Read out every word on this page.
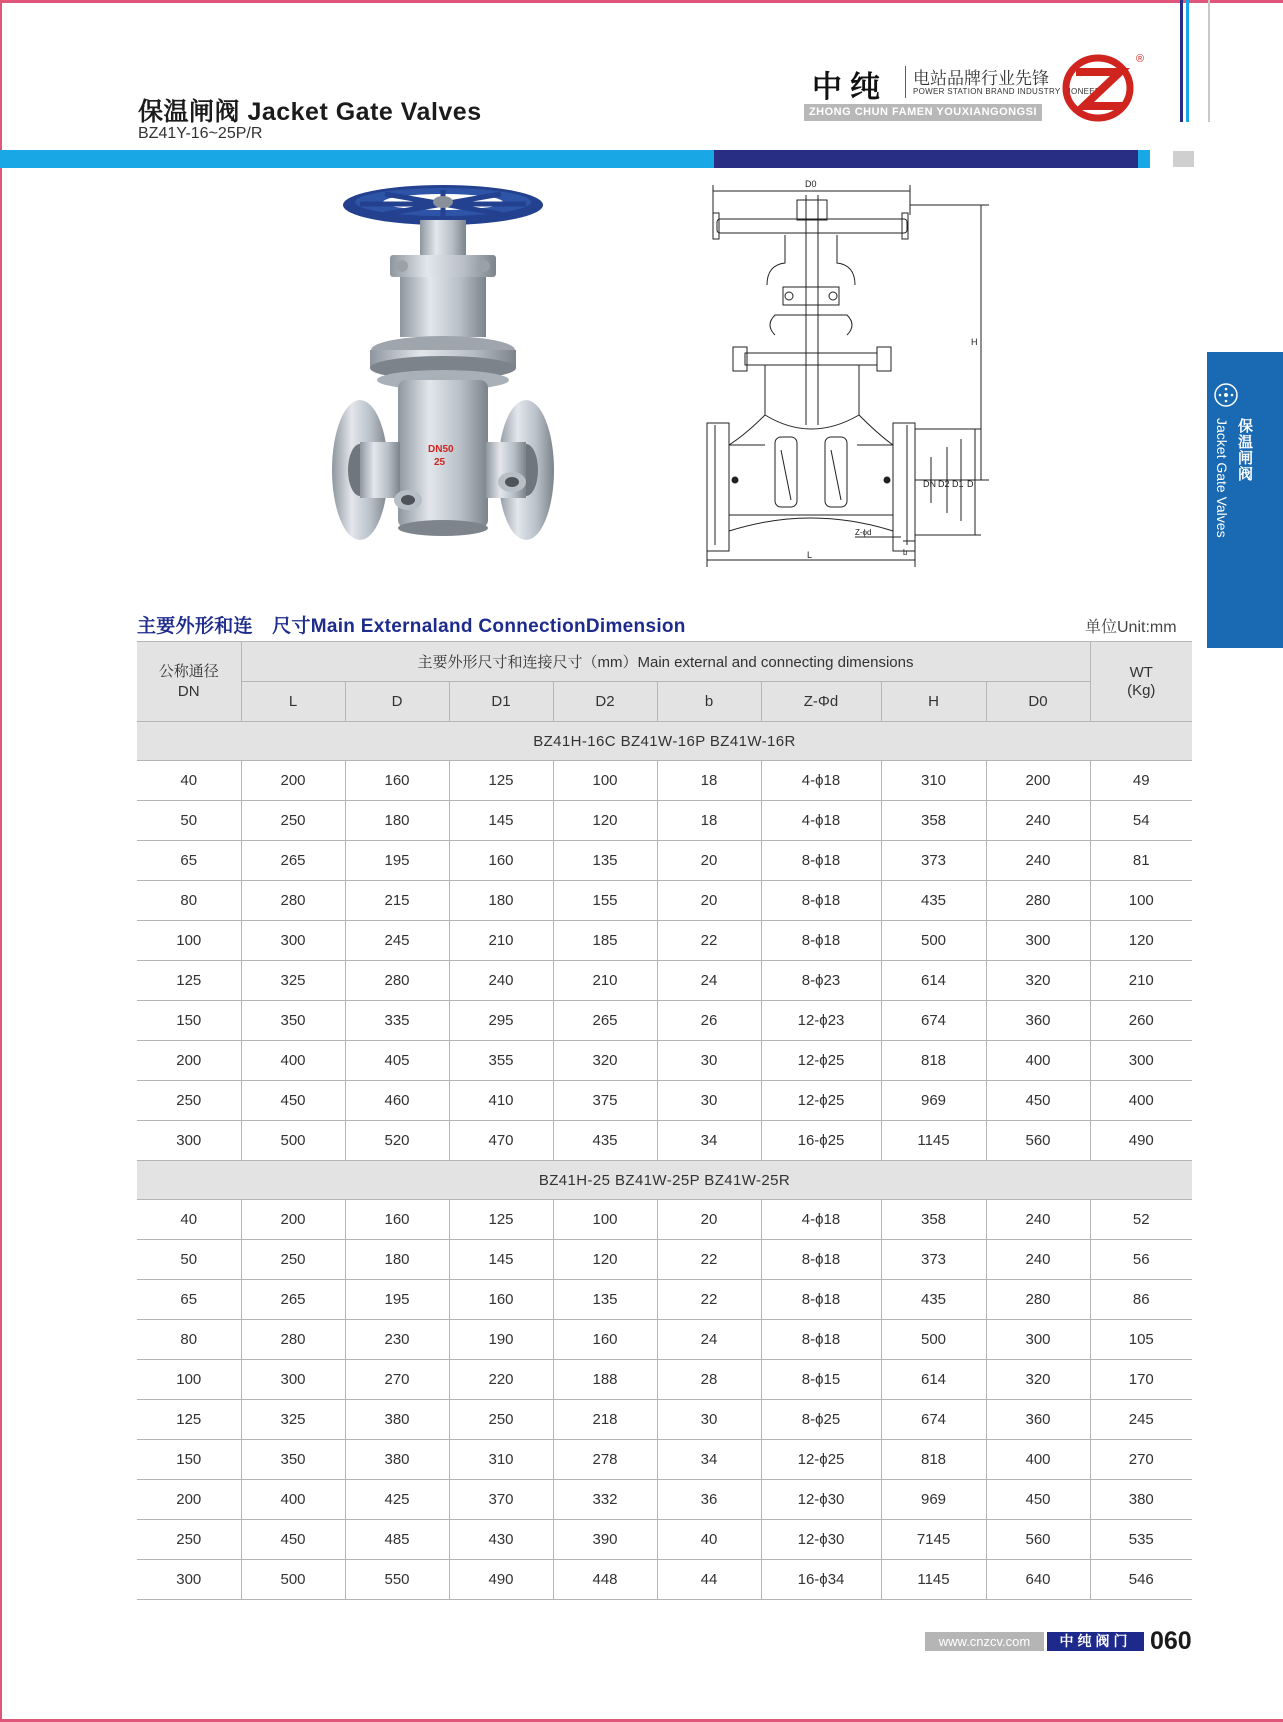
保温闸阀 Jacket Gate Valves
BZ41Y-16~25P/R
中纯 电站品牌行业先锋
POWER STATION BRAND INDUSTRY PIONEER
ZHONG CHUN FAMEN YOUXIANGONGSI
®
DN50
25
D0
L	b
Z-ϕd
H
DN D2 D1 D
保温闸阀
Jacket Gate Valves
主要外形和连　尺寸Main Externaland ConnectionDimension	单位Unit:mm
公称通径
DN	主要外形尺寸和连接尺寸（mm）Main external and connecting dimensions								WT
(Kg)
	L	D	D1	D2	b	Z-Φd	H	D0	
BZ41H-16C BZ41W-16P BZ41W-16R									
40	200	160	125	100	18	4-ϕ18	310	200	49
50	250	180	145	120	18	4-ϕ18	358	240	54
65	265	195	160	135	20	8-ϕ18	373	240	81
80	280	215	180	155	20	8-ϕ18	435	280	100
100	300	245	210	185	22	8-ϕ18	500	300	120
125	325	280	240	210	24	8-ϕ23	614	320	210
150	350	335	295	265	26	12-ϕ23	674	360	260
200	400	405	355	320	30	12-ϕ25	818	400	300
250	450	460	410	375	30	12-ϕ25	969	450	400
300	500	520	470	435	34	16-ϕ25	1145	560	490
BZ41H-25 BZ41W-25P BZ41W-25R									
40	200	160	125	100	20	4-ϕ18	358	240	52
50	250	180	145	120	22	8-ϕ18	373	240	56
65	265	195	160	135	22	8-ϕ18	435	280	86
80	280	230	190	160	24	8-ϕ18	500	300	105
100	300	270	220	188	28	8-ϕ15	614	320	170
125	325	380	250	218	30	8-ϕ25	674	360	245
150	350	380	310	278	34	12-ϕ25	818	400	270
200	400	425	370	332	36	12-ϕ30	969	450	380
250	450	485	430	390	40	12-ϕ30	7145	560	535
300	500	550	490	448	44	16-ϕ34	1145	640	546
www.cnzcv.com	中纯阀门 060
